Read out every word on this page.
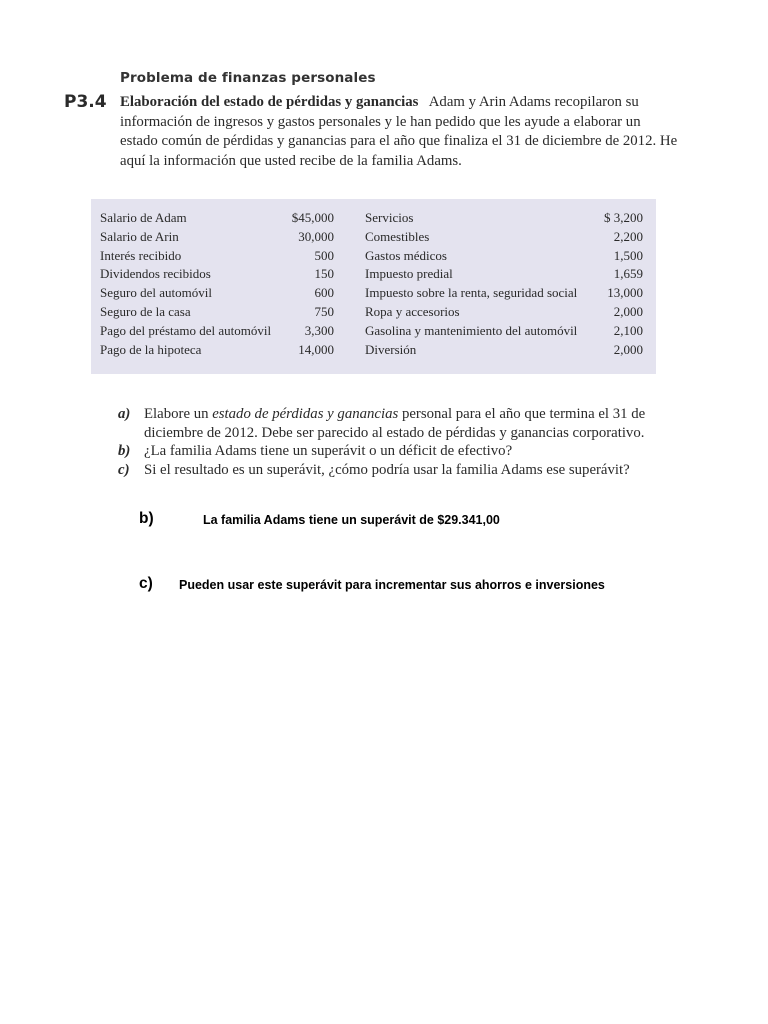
Problema de finanzas personales
P3.4 Elaboración del estado de pérdidas y ganancias Adam y Arin Adams recopilaron su información de ingresos y gastos personales y le han pedido que les ayude a elaborar un estado común de pérdidas y ganancias para el año que finaliza el 31 de diciembre de 2012. He aquí la información que usted recibe de la familia Adams.
Salario de Adam	$45,000
Salario de Arin	30,000
Interés recibido	500
Dividendos recibidos	150
Seguro del automóvil	600
Seguro de la casa	750
Pago del préstamo del automóvil	3,300
Pago de la hipoteca	14,000
Servicios	$ 3,200
Comestibles	2,200
Gastos médicos	1,500
Impuesto predial	1,659
Impuesto sobre la renta, seguridad social 13,000
Ropa y accesorios	2,000
Gasolina y mantenimiento del automóvil	2,100
Diversión	2,000
a) Elabore un estado de pérdidas y ganancias personal para el año que termina el 31 de diciembre de 2012. Debe ser parecido al estado de pérdidas y ganancias corporativo.
b) ¿La familia Adams tiene un superávit o un déficit de efectivo?
c) Si el resultado es un superávit, ¿cómo podría usar la familia Adams ese superávit?
b)	La familia Adams tiene un superávit de $29.341,00
c) Pueden usar este superávit para incrementar sus ahorros e inversiones
